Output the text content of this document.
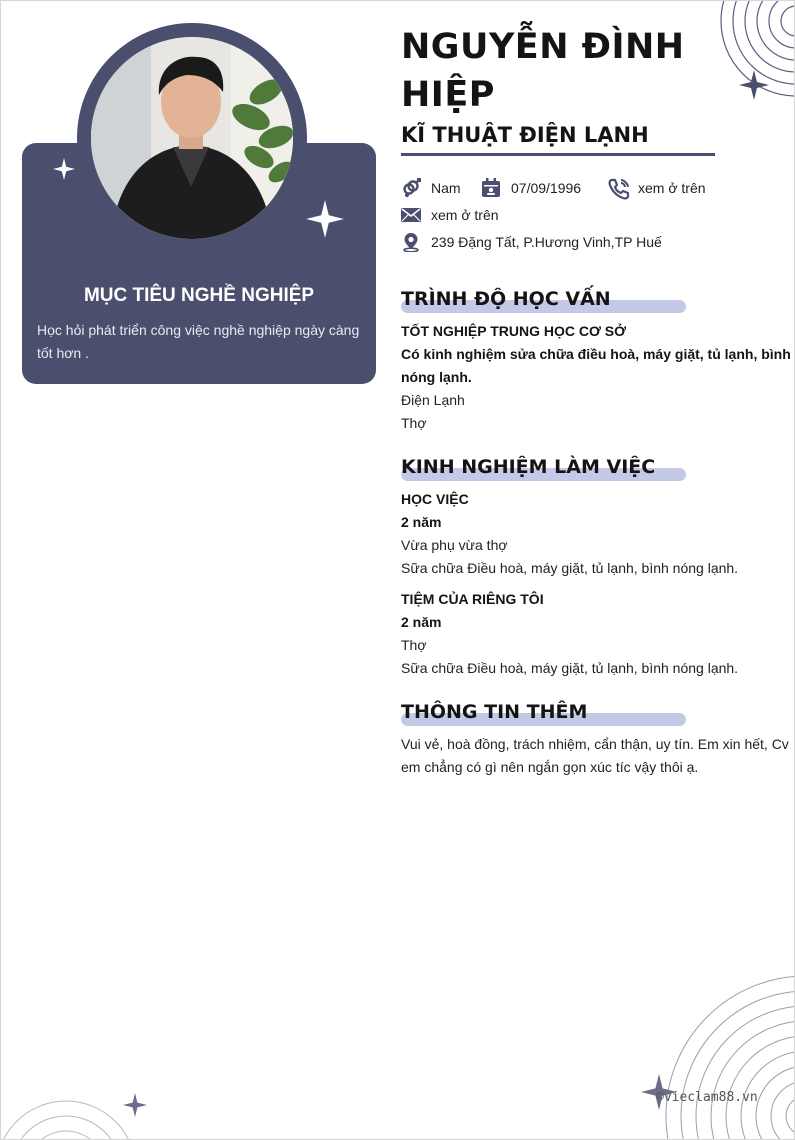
MỤC TIÊU NGHỀ NGHIỆP
Học hỏi phát triển công việc nghề nghiệp ngày càng tốt hơn .
NGUYỄN ĐÌNH HIỆP
KĨ THUẬT ĐIỆN LẠNH
Nam	07/09/1996	xem ở trên
xem ở trên
239 Đặng Tất, P.Hương Vinh,TP Huế
TRÌNH ĐỘ HỌC VẤN
TỐT NGHIỆP TRUNG HỌC CƠ SỞ
Có kinh nghiệm sửa chữa điều hoà, máy giặt, tủ lạnh, bình nóng lạnh.
Điện Lạnh
Thợ
KINH NGHIỆM LÀM VIỆC
HỌC VIỆC
2 năm
Vừa phụ vừa thợ
Sữa chữa Điều hoà, máy giặt, tủ lạnh, bình nóng lạnh.
TIỆM CỦA RIÊNG TÔI
2 năm
Thợ
Sữa chữa Điều hoà, máy giặt, tủ lạnh, bình nóng lạnh.
THÔNG TIN THÊM
Vui vẻ, hoà đồng, trách nhiệm, cẩn thận, uy tín. Em xin hết, Cv em chẳng có gì nên ngắn gọn xúc tíc vậy thôi ạ.
©vieclam88.vn
